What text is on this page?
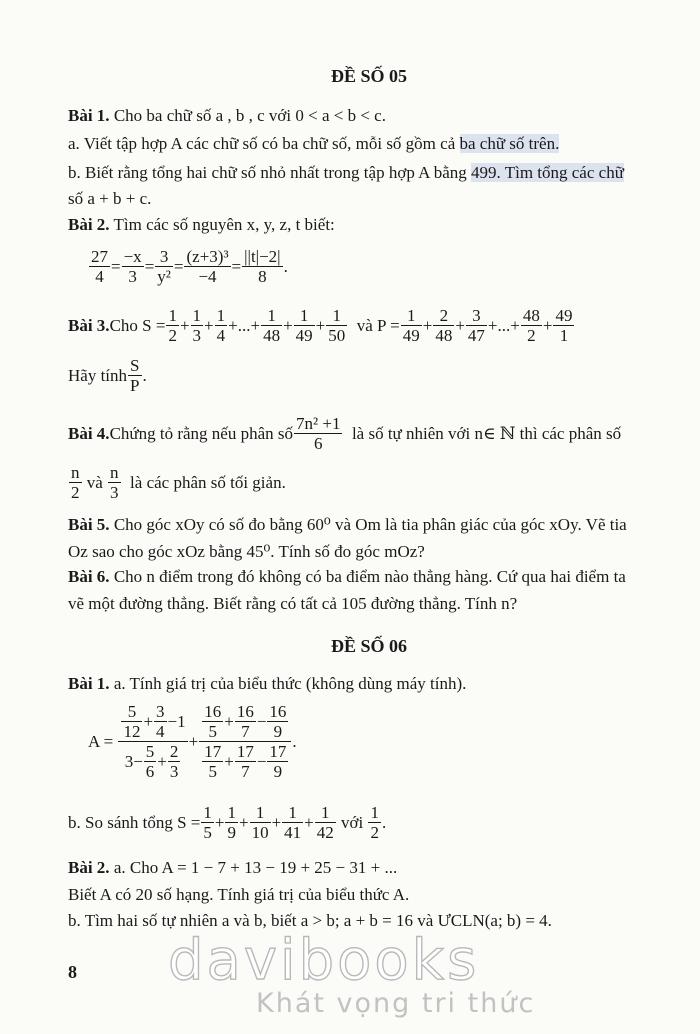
ĐỀ SỐ 05
Bài 1. Cho ba chữ số a , b , c với 0 < a < b < c.
a. Viết tập hợp A các chữ số có ba chữ số, mỗi số gồm cả ba chữ số trên.
b. Biết rằng tổng hai chữ số nhỏ nhất trong tập hợp A bằng 499. Tìm tổng các chữ
số a + b + c.
Bài 2. Tìm các số nguyên x, y, z, t biết:
$\frac{27}{4} = \frac{-x}{3} = \frac{3}{\text{y²}} = \frac{\text{(z+3)³}}{-4} = \frac{||t|-2|}{8}$ .
Bài 3.Cho $S = \frac{1}{2} + \frac{1}{3} + \frac{1}{4}$ +...+ $\frac{1}{48} + \frac{1}{49} + \frac{1}{50}$ và $P = \frac{1}{49} + \frac{2}{48} + \frac{3}{47}$ +...+ $\frac{48}{2} + \frac{49}{1}$
Hãy tính $\frac{S}{P}$ .
Bài 4.Chứng tỏ rằng nếu phân số $\frac{\text{7n² +1}}{6}$ là số tự nhiên với n∈ ℕ thì các phân số
$\frac{n}{2}$ và $\frac{n}{3}$ là các phân số tối giản.
Bài 5. Cho góc xOy có số đo bằng 60⁰ và Om là tia phân giác của góc xOy. Vẽ tia
Oz sao cho góc xOz bằng 45⁰. Tính số đo góc mOz?
Bài 6. Cho n điểm trong đó không có ba điểm nào thẳng hàng. Cứ qua hai điểm ta
vẽ một đường thẳng. Biết rằng có tất cả 105 đường thẳng. Tính n?
ĐỀ SỐ 06
Bài 1. a. Tính giá trị của biểu thức (không dùng máy tính).
$A = \frac{\frac{5}{12} + \frac{3}{4} -1}{3- \frac{5}{6} + \frac{2}{3}} + \frac{\frac{16}{5} + \frac{16}{7} - \frac{16}{9}}{\frac{17}{5} + \frac{17}{7} - \frac{17}{9}}$ .
b. So sánh tổng $S = \frac{1}{5} + \frac{1}{9} + \frac{1}{10} + \frac{1}{41} + \frac{1}{42}$ với $\frac{1}{2}$ .
Bài 2. a. Cho A = 1 − 7 + 13 − 19 + 25 − 31 + ...
Biết A có 20 số hạng. Tính giá trị của biểu thức A.
b. Tìm hai số tự nhiên a và b, biết a > b; a + b = 16 và ƯCLN(a; b) = 4.
8 davibooks
Khát vọng tri thức
